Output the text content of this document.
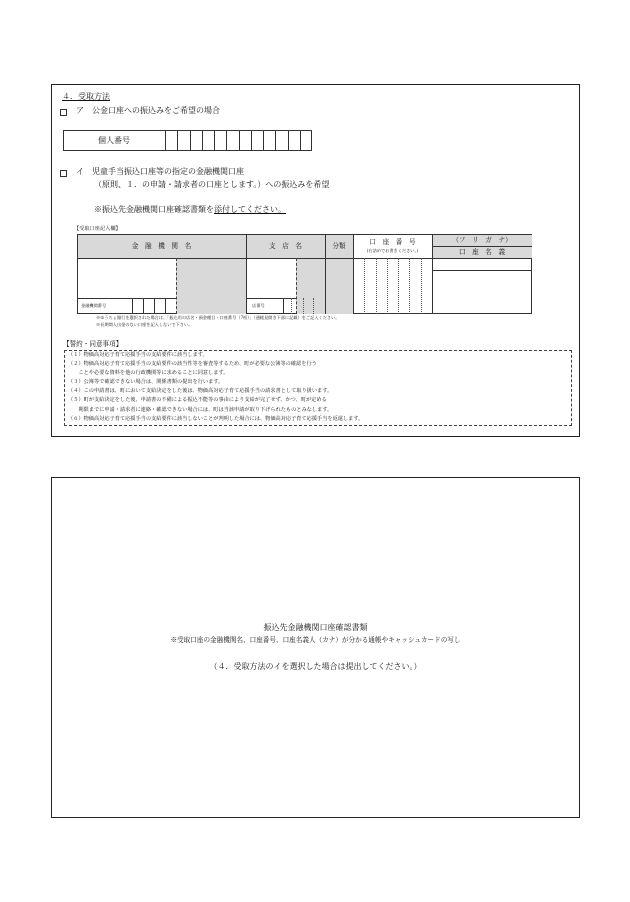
４．受取方法
ア　公金口座への振込みをご希望の場合
個人番号
イ　児童手当振込口座等の指定の金融機関口座
（原則、１．の申請・請求者の口座とします。）への振込みを希望
※振込先金融機関口座確認書類を添付してください。
【受取口座記入欄】
金　融　機　関　名	支　店　名	分類	口　座　番　号
(右詰めでお書きください。)
（フ　リ　ガ　ナ）
口　座　名　義
金融機関番号	店番号
※ゆうちょ銀行を選択された場合は、「振込用の店名・預金種目・口座番号（7桁）」（通帳見開き下部に記載）をご記入ください。
※長期間入出金のない口座を記入しないで下さい。
【誓約・同意事項】
（１）物価高対応子育て応援手当の支給要件に該当します。
（２）物価高対応子育て応援手当の支給要件の該当性等を審査等するため、町が必要な公簿等の確認を行う
　　ことや必要な資料を他の行政機関等に求めることに同意します。
（３）公簿等で確認できない場合は、関係書類の提出を行います。
（４）この申請書は、町において支給決定をした後は、物価高対応子育て応援手当の請求書として取り扱います。
（５）町が支給決定をした後、申請書の不備による振込不能等の事由により支給が完了せず、かつ、町が定める
　　期限までに申請・請求者に連絡・確認できない場合には、町は当該申請が取り下げられたものとみなします。
（６）物価高対応子育て応援手当の支給要件に該当しないことが判明した場合には、物価高対応子育て応援手当を返還します。
振込先金融機関口座確認書類
※受取口座の金融機関名、口座番号、口座名義人（カナ）が分かる通帳やキャッシュカードの写し
（４．受取方法のイを選択した場合は提出してください。）
